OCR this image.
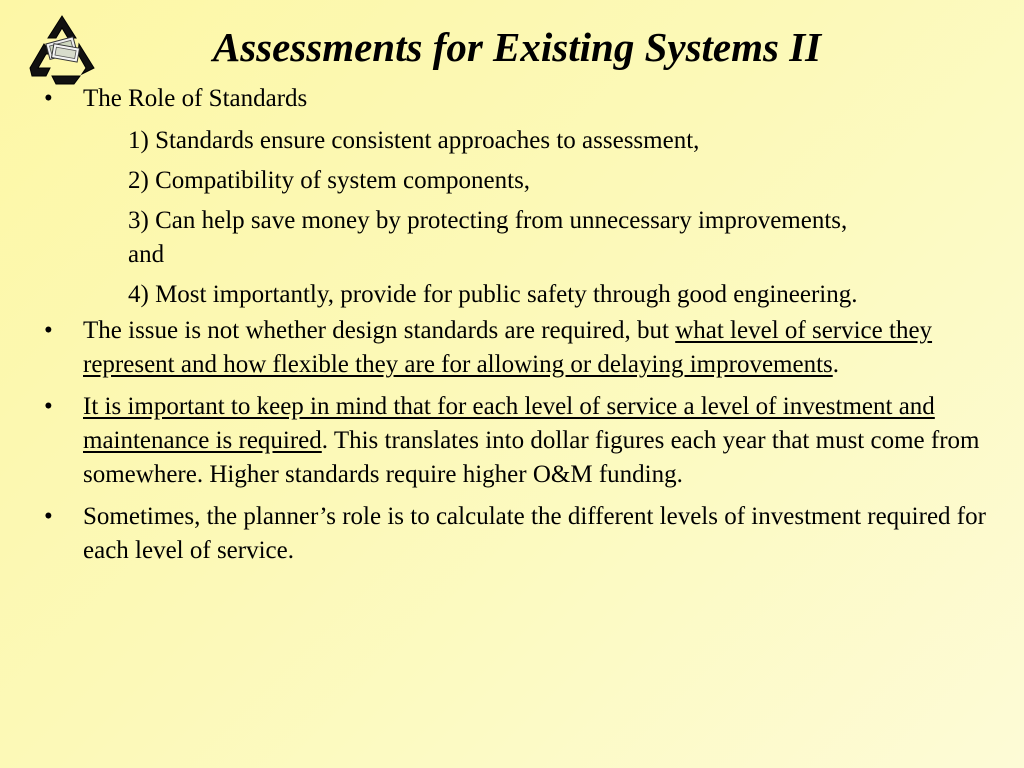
Assessments for Existing Systems II
• The Role of Standards
1) Standards ensure consistent approaches to assessment,
2) Compatibility of system components,
3) Can help save money by protecting from unnecessary improvements, and
4) Most importantly, provide for public safety through good engineering.
• The issue is not whether design standards are required, but what level of service they represent and how flexible they are for allowing or delaying improvements.
• It is important to keep in mind that for each level of service a level of investment and maintenance is required. This translates into dollar figures each year that must come from somewhere. Higher standards require higher O&M funding.
• Sometimes, the planner’s role is to calculate the different levels of investment required for each level of service.
